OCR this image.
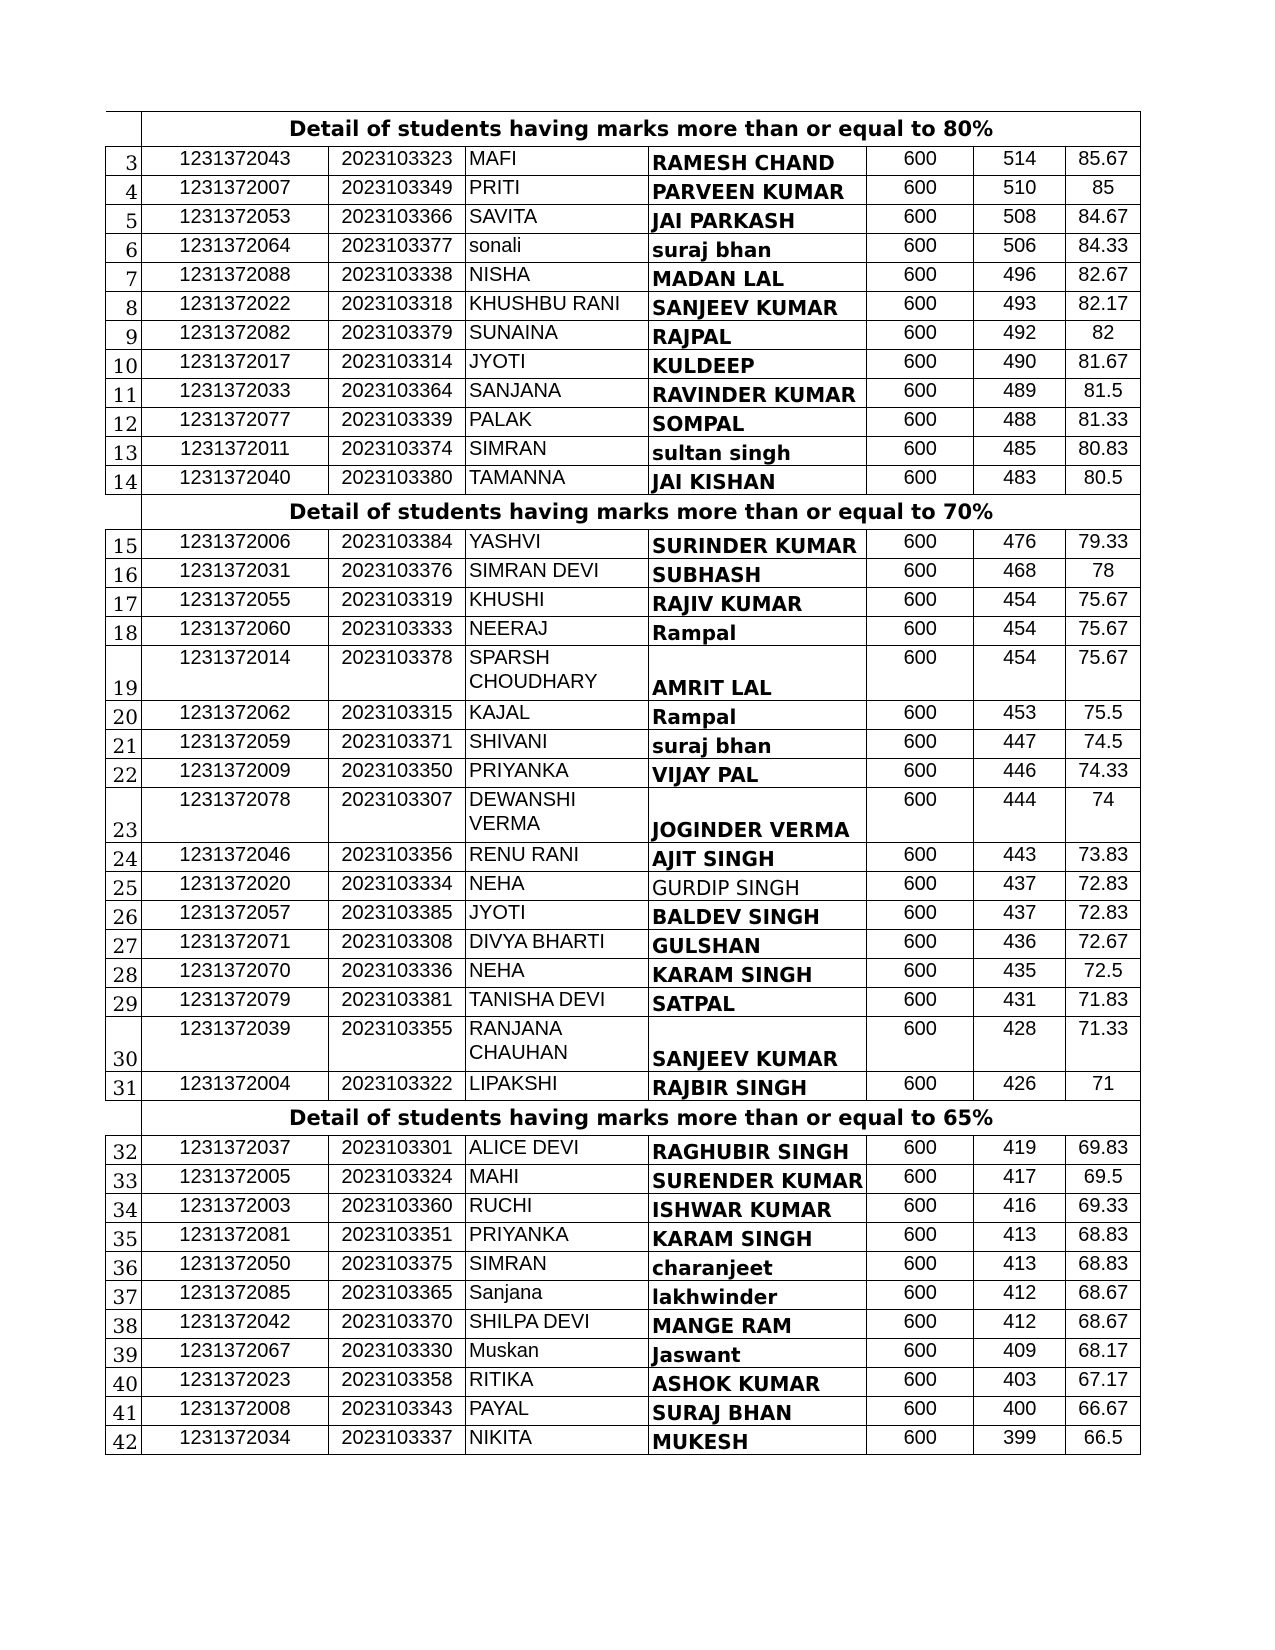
	Detail of students having marks more than or equal to 80%						
3	1231372043	2023103323	MAFI	RAMESH CHAND	600	514	85.67
4	1231372007	2023103349	PRITI	PARVEEN KUMAR	600	510	85
5	1231372053	2023103366	SAVITA	JAI PARKASH	600	508	84.67
6	1231372064	2023103377	sonali	suraj bhan	600	506	84.33
7	1231372088	2023103338	NISHA	MADAN LAL	600	496	82.67
8	1231372022	2023103318	KHUSHBU RANI	SANJEEV KUMAR	600	493	82.17
9	1231372082	2023103379	SUNAINA	RAJPAL	600	492	82
10	1231372017	2023103314	JYOTI	KULDEEP	600	490	81.67
11	1231372033	2023103364	SANJANA	RAVINDER KUMAR	600	489	81.5
12	1231372077	2023103339	PALAK	SOMPAL	600	488	81.33
13	1231372011	2023103374	SIMRAN	sultan singh	600	485	80.83
14	1231372040	2023103380	TAMANNA	JAI KISHAN	600	483	80.5
	Detail of students having marks more than or equal to 70%						
15	1231372006	2023103384	YASHVI	SURINDER KUMAR	600	476	79.33
16	1231372031	2023103376	SIMRAN DEVI	SUBHASH	600	468	78
17	1231372055	2023103319	KHUSHI	RAJIV KUMAR	600	454	75.67
18	1231372060	2023103333	NEERAJ	Rampal	600	454	75.67
19	1231372014	2023103378	SPARSH CHOUDHARY	AMRIT LAL	600	454	75.67
20	1231372062	2023103315	KAJAL	Rampal	600	453	75.5
21	1231372059	2023103371	SHIVANI	suraj bhan	600	447	74.5
22	1231372009	2023103350	PRIYANKA	VIJAY PAL	600	446	74.33
23	1231372078	2023103307	DEWANSHI VERMA	JOGINDER VERMA	600	444	74
24	1231372046	2023103356	RENU RANI	AJIT SINGH	600	443	73.83
25	1231372020	2023103334	NEHA	GURDIP SINGH	600	437	72.83
26	1231372057	2023103385	JYOTI	BALDEV SINGH	600	437	72.83
27	1231372071	2023103308	DIVYA BHARTI	GULSHAN	600	436	72.67
28	1231372070	2023103336	NEHA	KARAM SINGH	600	435	72.5
29	1231372079	2023103381	TANISHA DEVI	SATPAL	600	431	71.83
30	1231372039	2023103355	RANJANA CHAUHAN	SANJEEV KUMAR	600	428	71.33
31	1231372004	2023103322	LIPAKSHI	RAJBIR SINGH	600	426	71
	Detail of students having marks more than or equal to 65%						
32	1231372037	2023103301	ALICE DEVI	RAGHUBIR SINGH	600	419	69.83
33	1231372005	2023103324	MAHI	SURENDER KUMAR	600	417	69.5
34	1231372003	2023103360	RUCHI	ISHWAR KUMAR	600	416	69.33
35	1231372081	2023103351	PRIYANKA	KARAM SINGH	600	413	68.83
36	1231372050	2023103375	SIMRAN	charanjeet	600	413	68.83
37	1231372085	2023103365	Sanjana	lakhwinder	600	412	68.67
38	1231372042	2023103370	SHILPA DEVI	MANGE RAM	600	412	68.67
39	1231372067	2023103330	Muskan	Jaswant	600	409	68.17
40	1231372023	2023103358	RITIKA	ASHOK KUMAR	600	403	67.17
41	1231372008	2023103343	PAYAL	SURAJ BHAN	600	400	66.67
42	1231372034	2023103337	NIKITA	MUKESH	600	399	66.5
